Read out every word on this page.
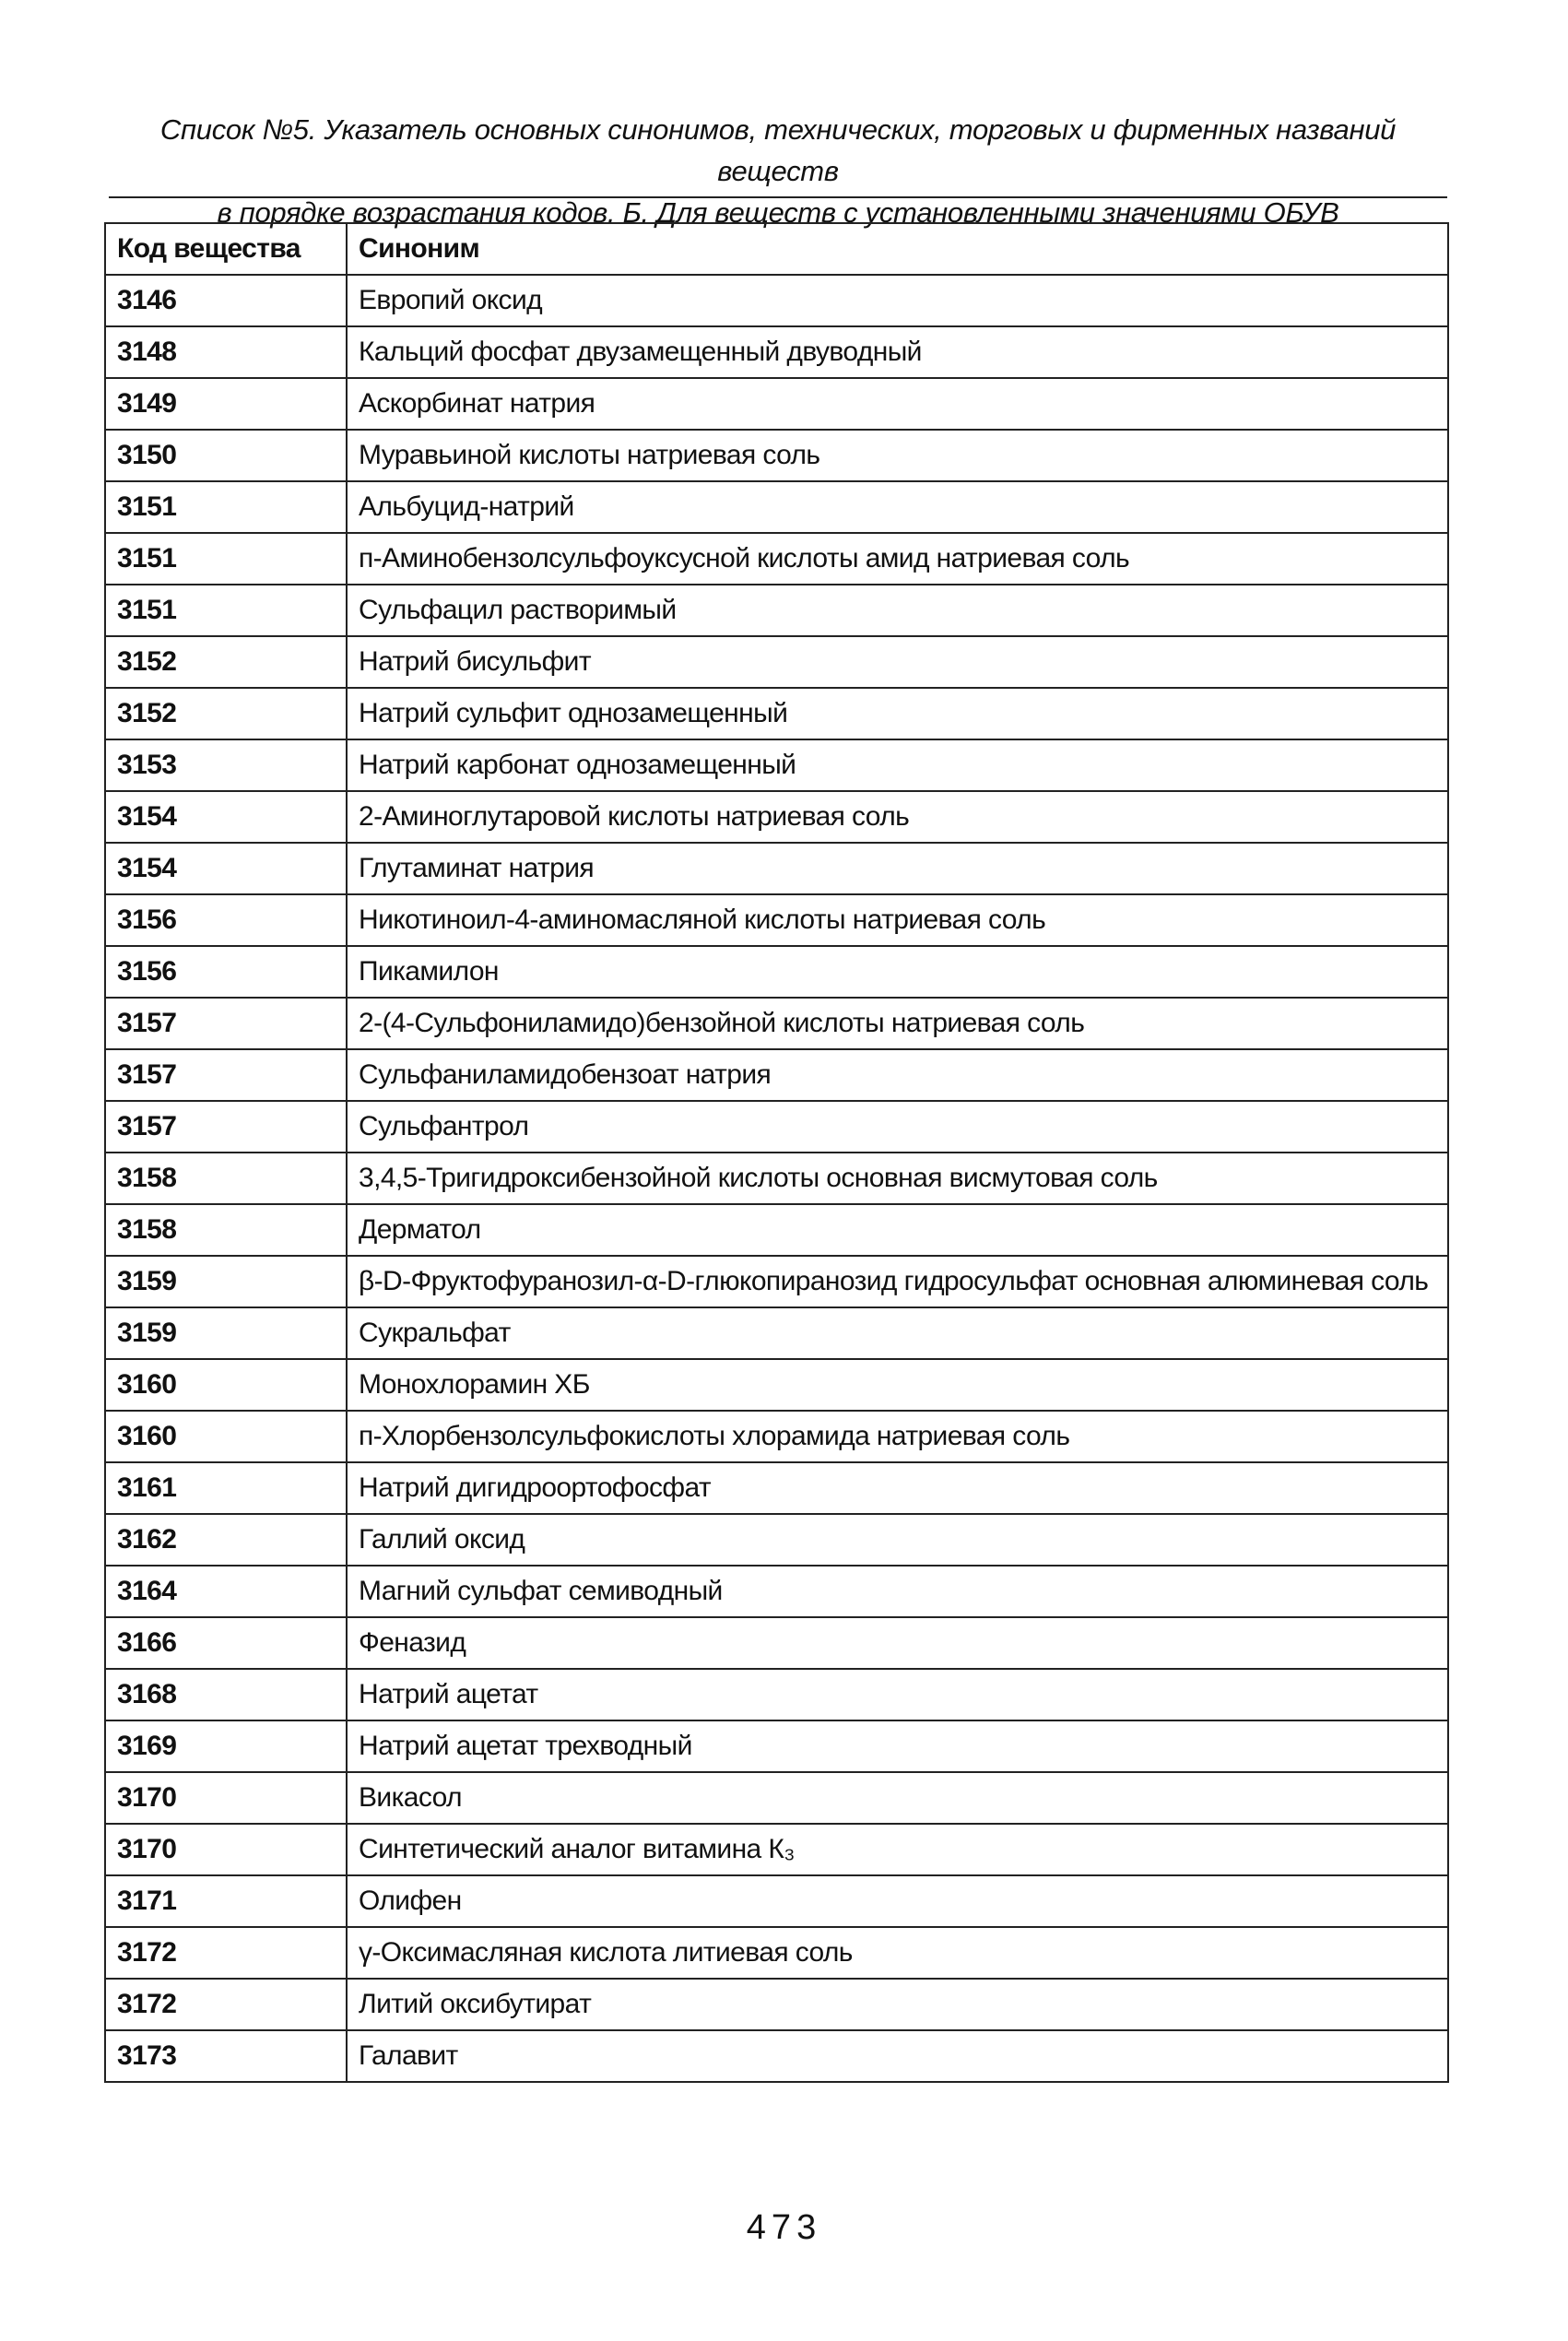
Список №5. Указатель основных синонимов, технических, торговых и фирменных названий веществ
в порядке возрастания кодов. Б. Для веществ с установленными значениями ОБУВ
Код вещества	Синоним
3146	Европий оксид
3148	Кальций фосфат двузамещенный двуводный
3149	Аскорбинат натрия
3150	Муравьиной кислоты натриевая соль
3151	Альбуцид-натрий
3151	п-Аминобензолсульфоуксусной кислоты амид натриевая соль
3151	Сульфацил растворимый
3152	Натрий бисульфит
3152	Натрий сульфит однозамещенный
3153	Натрий карбонат однозамещенный
3154	2-Аминоглутаровой кислоты натриевая соль
3154	Глутаминат натрия
3156	Никотиноил-4-аминомасляной кислоты натриевая соль
3156	Пикамилон
3157	2-(4-Сульфониламидо)бензойной кислоты натриевая соль
3157	Сульфаниламидобензоат натрия
3157	Сульфантрол
3158	3,4,5-Тригидроксибензойной кислоты основная висмутовая соль
3158	Дерматол
3159	β-D-Фруктофуранозил-α-D-глюкопиранозид гидросульфат основная алюминевая соль
3159	Сукральфат
3160	Монохлорамин ХБ
3160	п-Хлорбензолсульфокислоты хлорамида натриевая соль
3161	Натрий дигидроортофосфат
3162	Галлий оксид
3164	Магний сульфат семиводный
3166	Феназид
3168	Натрий ацетат
3169	Натрий ацетат трехводный
3170	Викасол
3170	Синтетический аналог витамина К₃
3171	Олифен
3172	γ-Оксимасляная кислота литиевая соль
3172	Литий оксибутират
3173	Галавит
473
